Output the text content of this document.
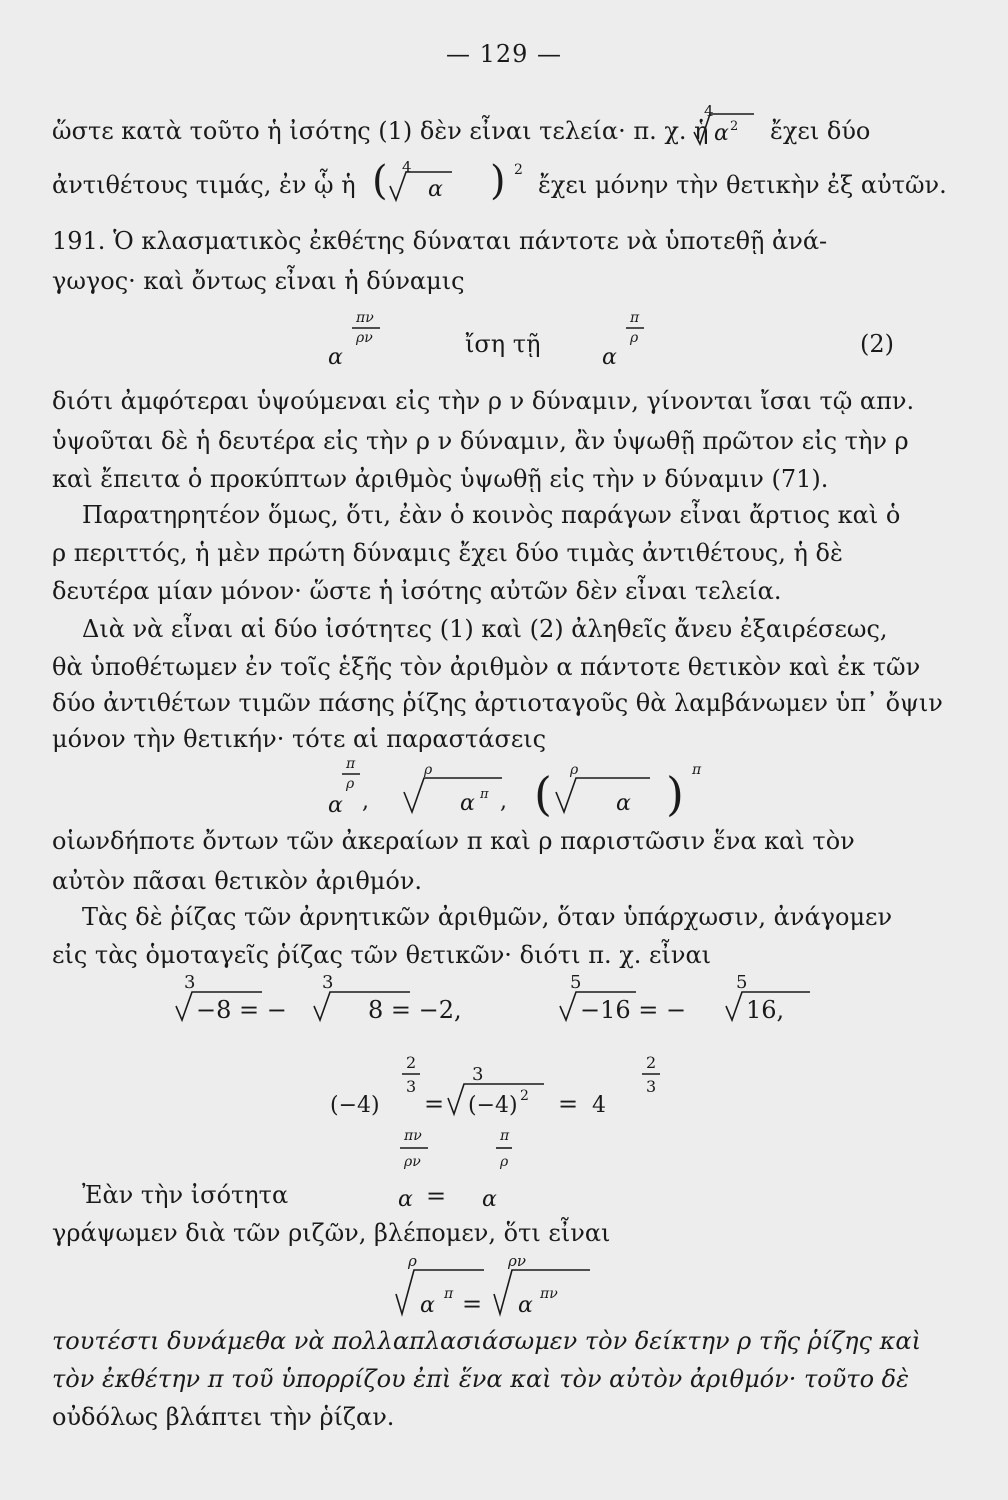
— 129 —
ὥστε κατὰ τοῦτο ἡ ἰσότης (1) δὲν εἶναι τελεία· π. χ. ἡ
4
α 2 ἔχει δύο
ἀντιθέτους τιμάς, ἐν ᾧ ἡ ( 4
α ) 2
ἔχει μόνην τὴν θετικὴν ἐξ αὐτῶν.
191. Ὁ κλασματικὸς ἐκθέτης δύναται πάντοτε νὰ ὑποτεθῇ ἀνά-
γωγος· καὶ ὄντως εἶναι ἡ δύναμις
πν
ρν
α	ἴση τῇ
π
ρ
α	(2)
διότι ἀμφότεραι ὑψούμεναι εἰς τὴν ρ ν δύναμιν, γίνονται ἴσαι τῷ απν.
ὑψοῦται δὲ ἡ δευτέρα εἰς τὴν ρ ν δύναμιν, ἂν ὑψωθῇ πρῶτον εἰς τὴν ρ
καὶ ἔπειτα ὁ προκύπτων ἀριθμὸς ὑψωθῇ εἰς τὴν ν δύναμιν (71).
Παρατηρητέον ὅμως, ὅτι, ἐὰν ὁ κοινὸς παράγων εἶναι ἄρτιος καὶ ὁ
ρ περιττός, ἡ μὲν πρώτη δύναμις ἔχει δύο τιμὰς ἀντιθέτους, ἡ δὲ
δευτέρα μίαν μόνον· ὥστε ἡ ἰσότης αὐτῶν δὲν εἶναι τελεία.
Διὰ νὰ εἶναι αἱ δύο ἰσότητες (1) καὶ (2) ἀληθεῖς ἄνευ ἐξαιρέσεως,
θὰ ὑποθέτωμεν ἐν τοῖς ἑξῆς τὸν ἀριθμὸν α πάντοτε θετικὸν καὶ ἐκ τῶν
δύο ἀντιθέτων τιμῶν πάσης ῥίζης ἀρτιοταγοῦς θὰ λαμβάνωμεν ὑπ᾽ ὄψιν
μόνον τὴν θετικήν· τότε αἱ παραστάσεις
π
ρ
α ,
ρ
α π , ( ρ
α ) π
οἱωνδήποτε ὄντων τῶν ἀκεραίων π καὶ ρ παριστῶσιν ἕνα καὶ τὸν
αὐτὸν πᾶσαι θετικὸν ἀριθμόν.
Τὰς δὲ ῥίζας τῶν ἀρνητικῶν ἀριθμῶν, ὅταν ὑπάρχωσιν, ἀνάγομεν
εἰς τὰς ὁμοταγεῖς ῥίζας τῶν θετικῶν· διότι π. χ. εἶναι
3	3	5	5
−8 = −	8 = −2,	−16 = − 16,
(−4)
2
3
=
3
(−4) 2 = 4
2
3
Ἐὰν τὴν ἰσότητα
πν
ρν
α =
π
ρ
α
γράψωμεν διὰ τῶν ριζῶν, βλέπομεν, ὅτι εἶναι
ρ
α π =
ρν
α πν
τουτέστι δυνάμεθα νὰ πολλαπλασιάσωμεν τὸν δείκτην ρ τῆς ῥίζης καὶ
τὸν ἐκθέτην π τοῦ ὑπορρίζου ἐπὶ ἕνα καὶ τὸν αὐτὸν ἀριθμόν· τοῦτο δὲ
οὐδόλως βλάπτει τὴν ῥίζαν.
